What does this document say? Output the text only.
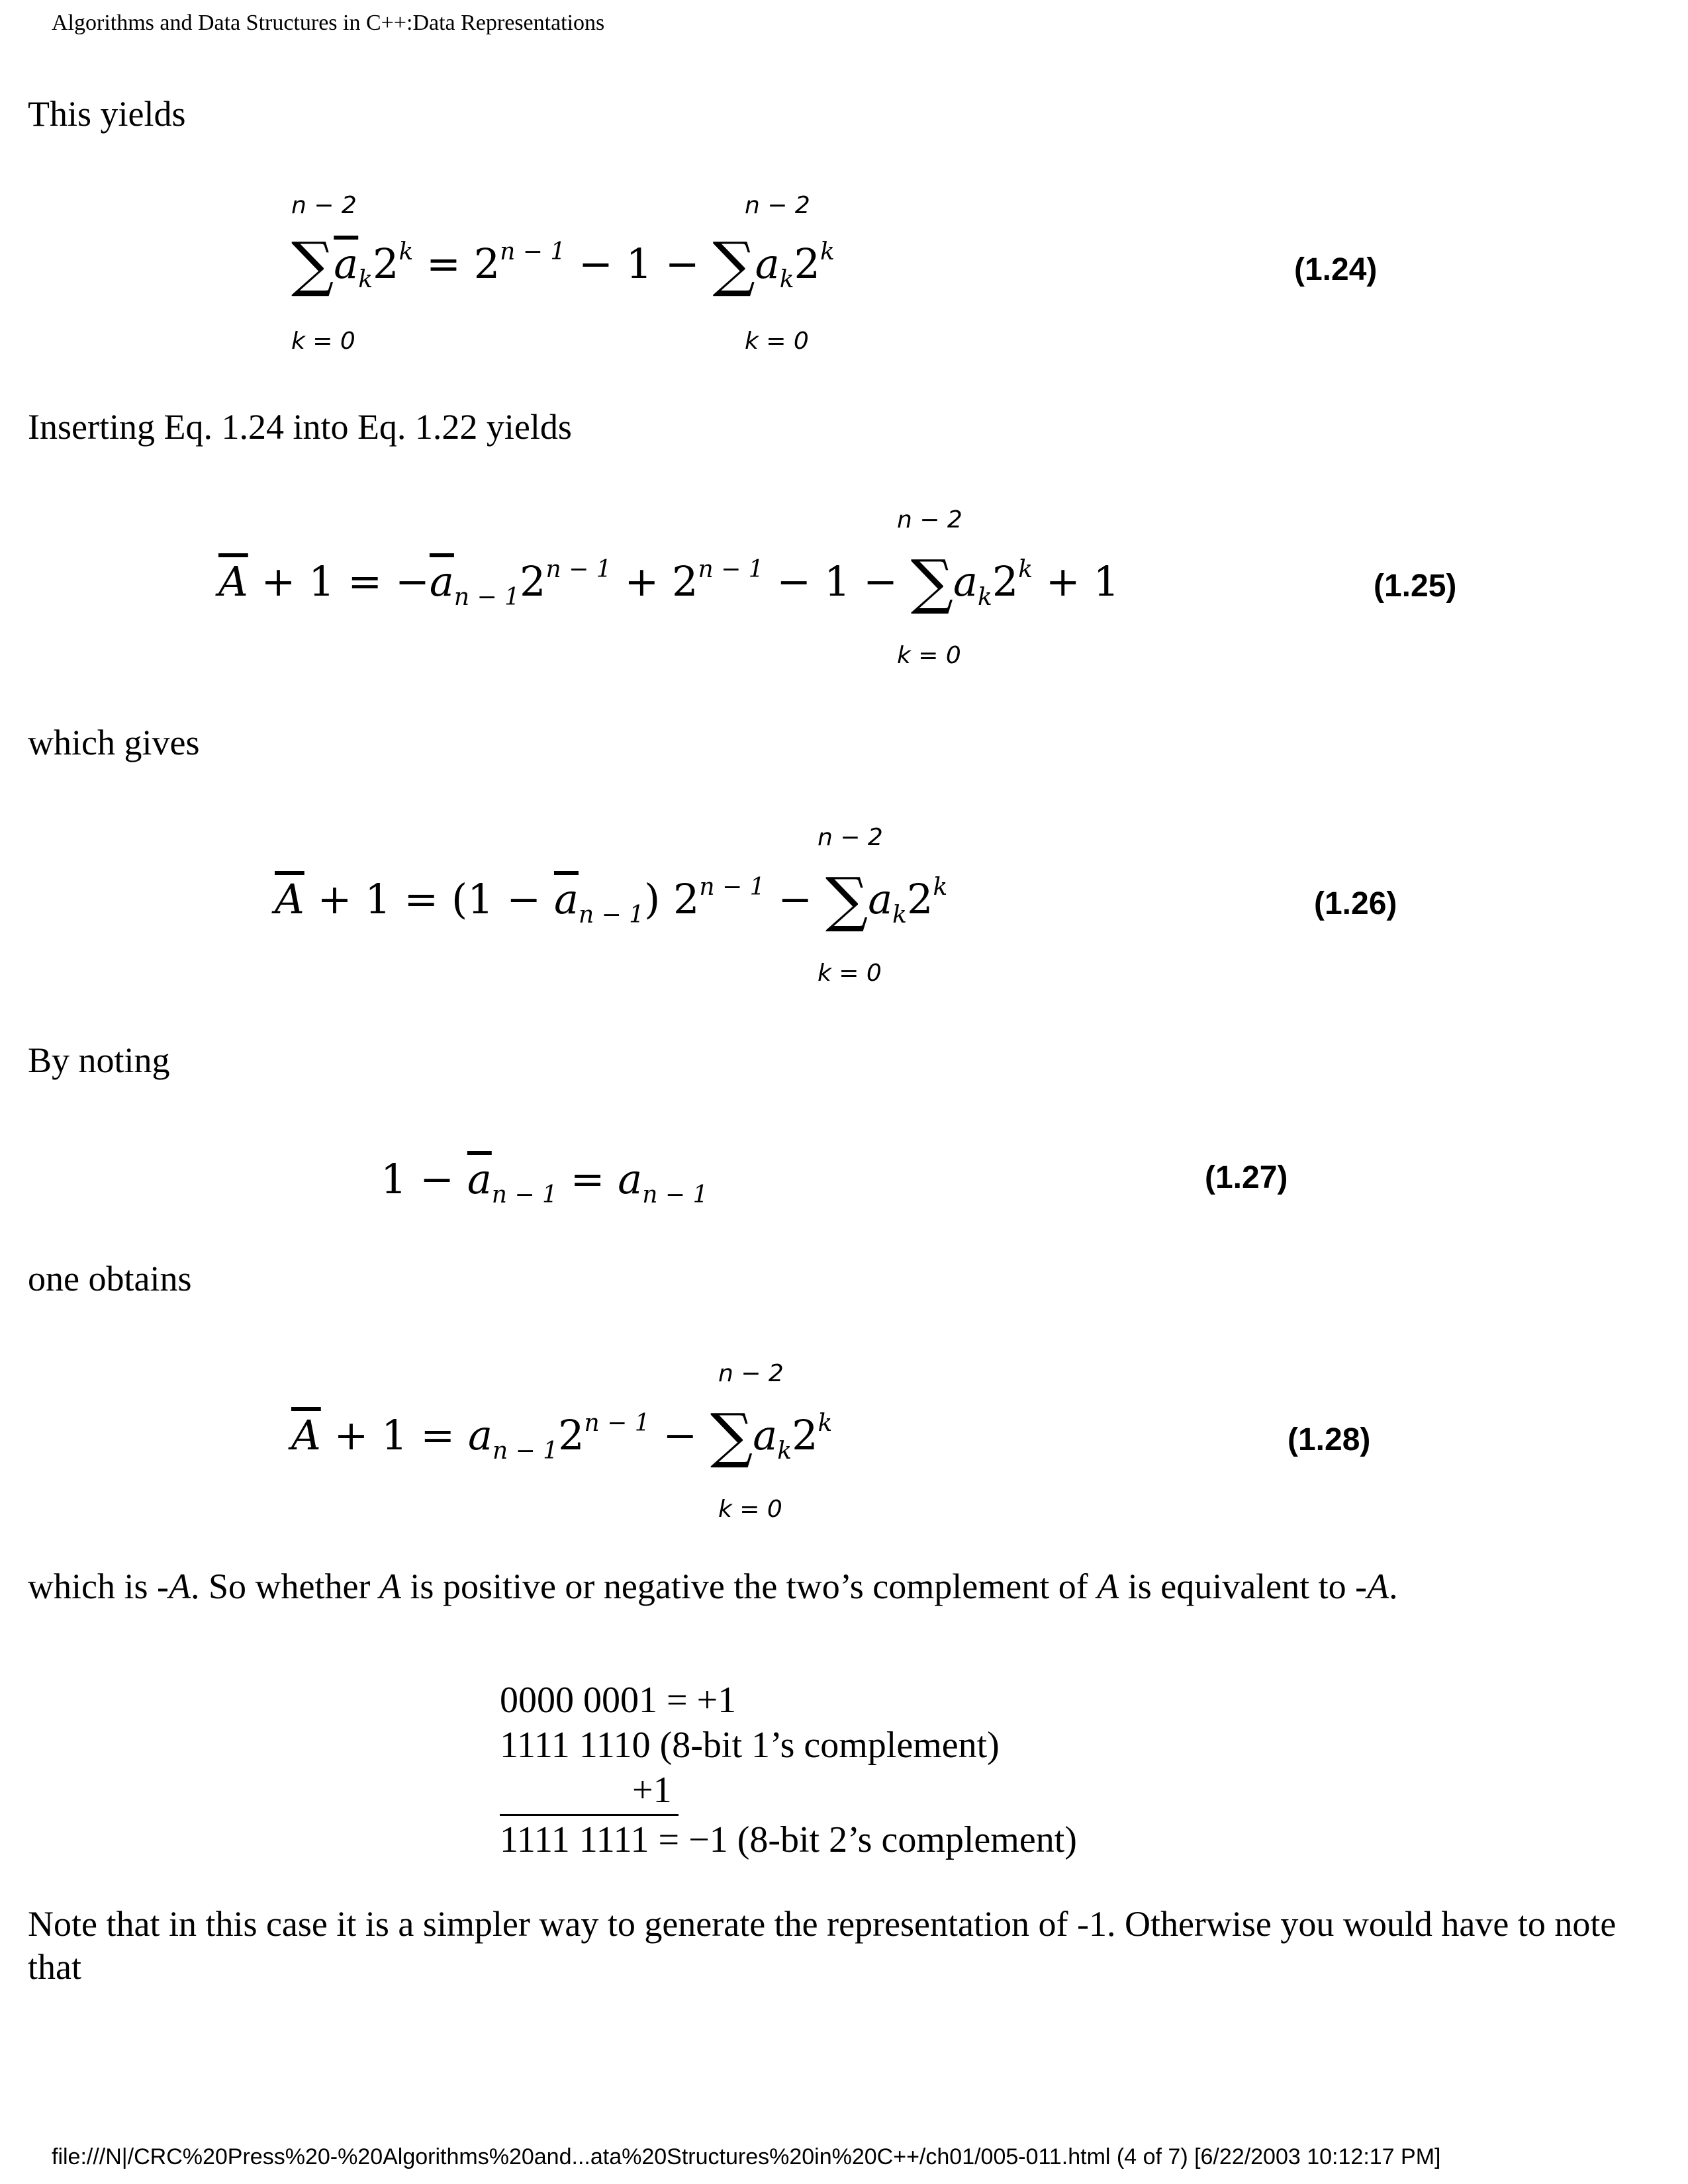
Algorithms and Data Structures in C++:Data Representations
This yields
n − 2
k = 0
n − 2
k = 0
$\sum\overline{a}_k2^k = 2^{n - 1} - 1 - \sum a_k2^k$
(1.24)
Inserting Eq. 1.24 into Eq. 1.22 yields
n − 2
k = 0
$\overline{A} + 1 = -\overline{a}_{n - 1}2^{n - 1} + 2^{n - 1} - 1 - \sum a_k2^k + 1$	(1.25)
which gives
n − 2
k = 0
$\overline{A} + 1 = (1 - \overline{a}_{n - 1}) 2^{n - 1} - \sum a_k2^k$	(1.26)
By noting
$1 - \overline{a}_{n - 1} = a_{n - 1}$	(1.27)
one obtains
n − 2
k = 0
$\overline{A} + 1 = a_{n - 1}2^{n - 1} - \sum a_k2^k$	(1.28)
which is -A. So whether A is positive or negative the two’s complement of A is equivalent to -A.
0000 0001 = +1
1111 1110 (8-bit 1’s complement)
+1
1111 1111 = −1 (8-bit 2’s complement)
Note that in this case it is a simpler way to generate the representation of -1. Otherwise you would have to note that
file:///N|/CRC%20Press%20-%20Algorithms%20and...ata%20Structures%20in%20C++/ch01/005-011.html (4 of 7) [6/22/2003 10:12:17 PM]
